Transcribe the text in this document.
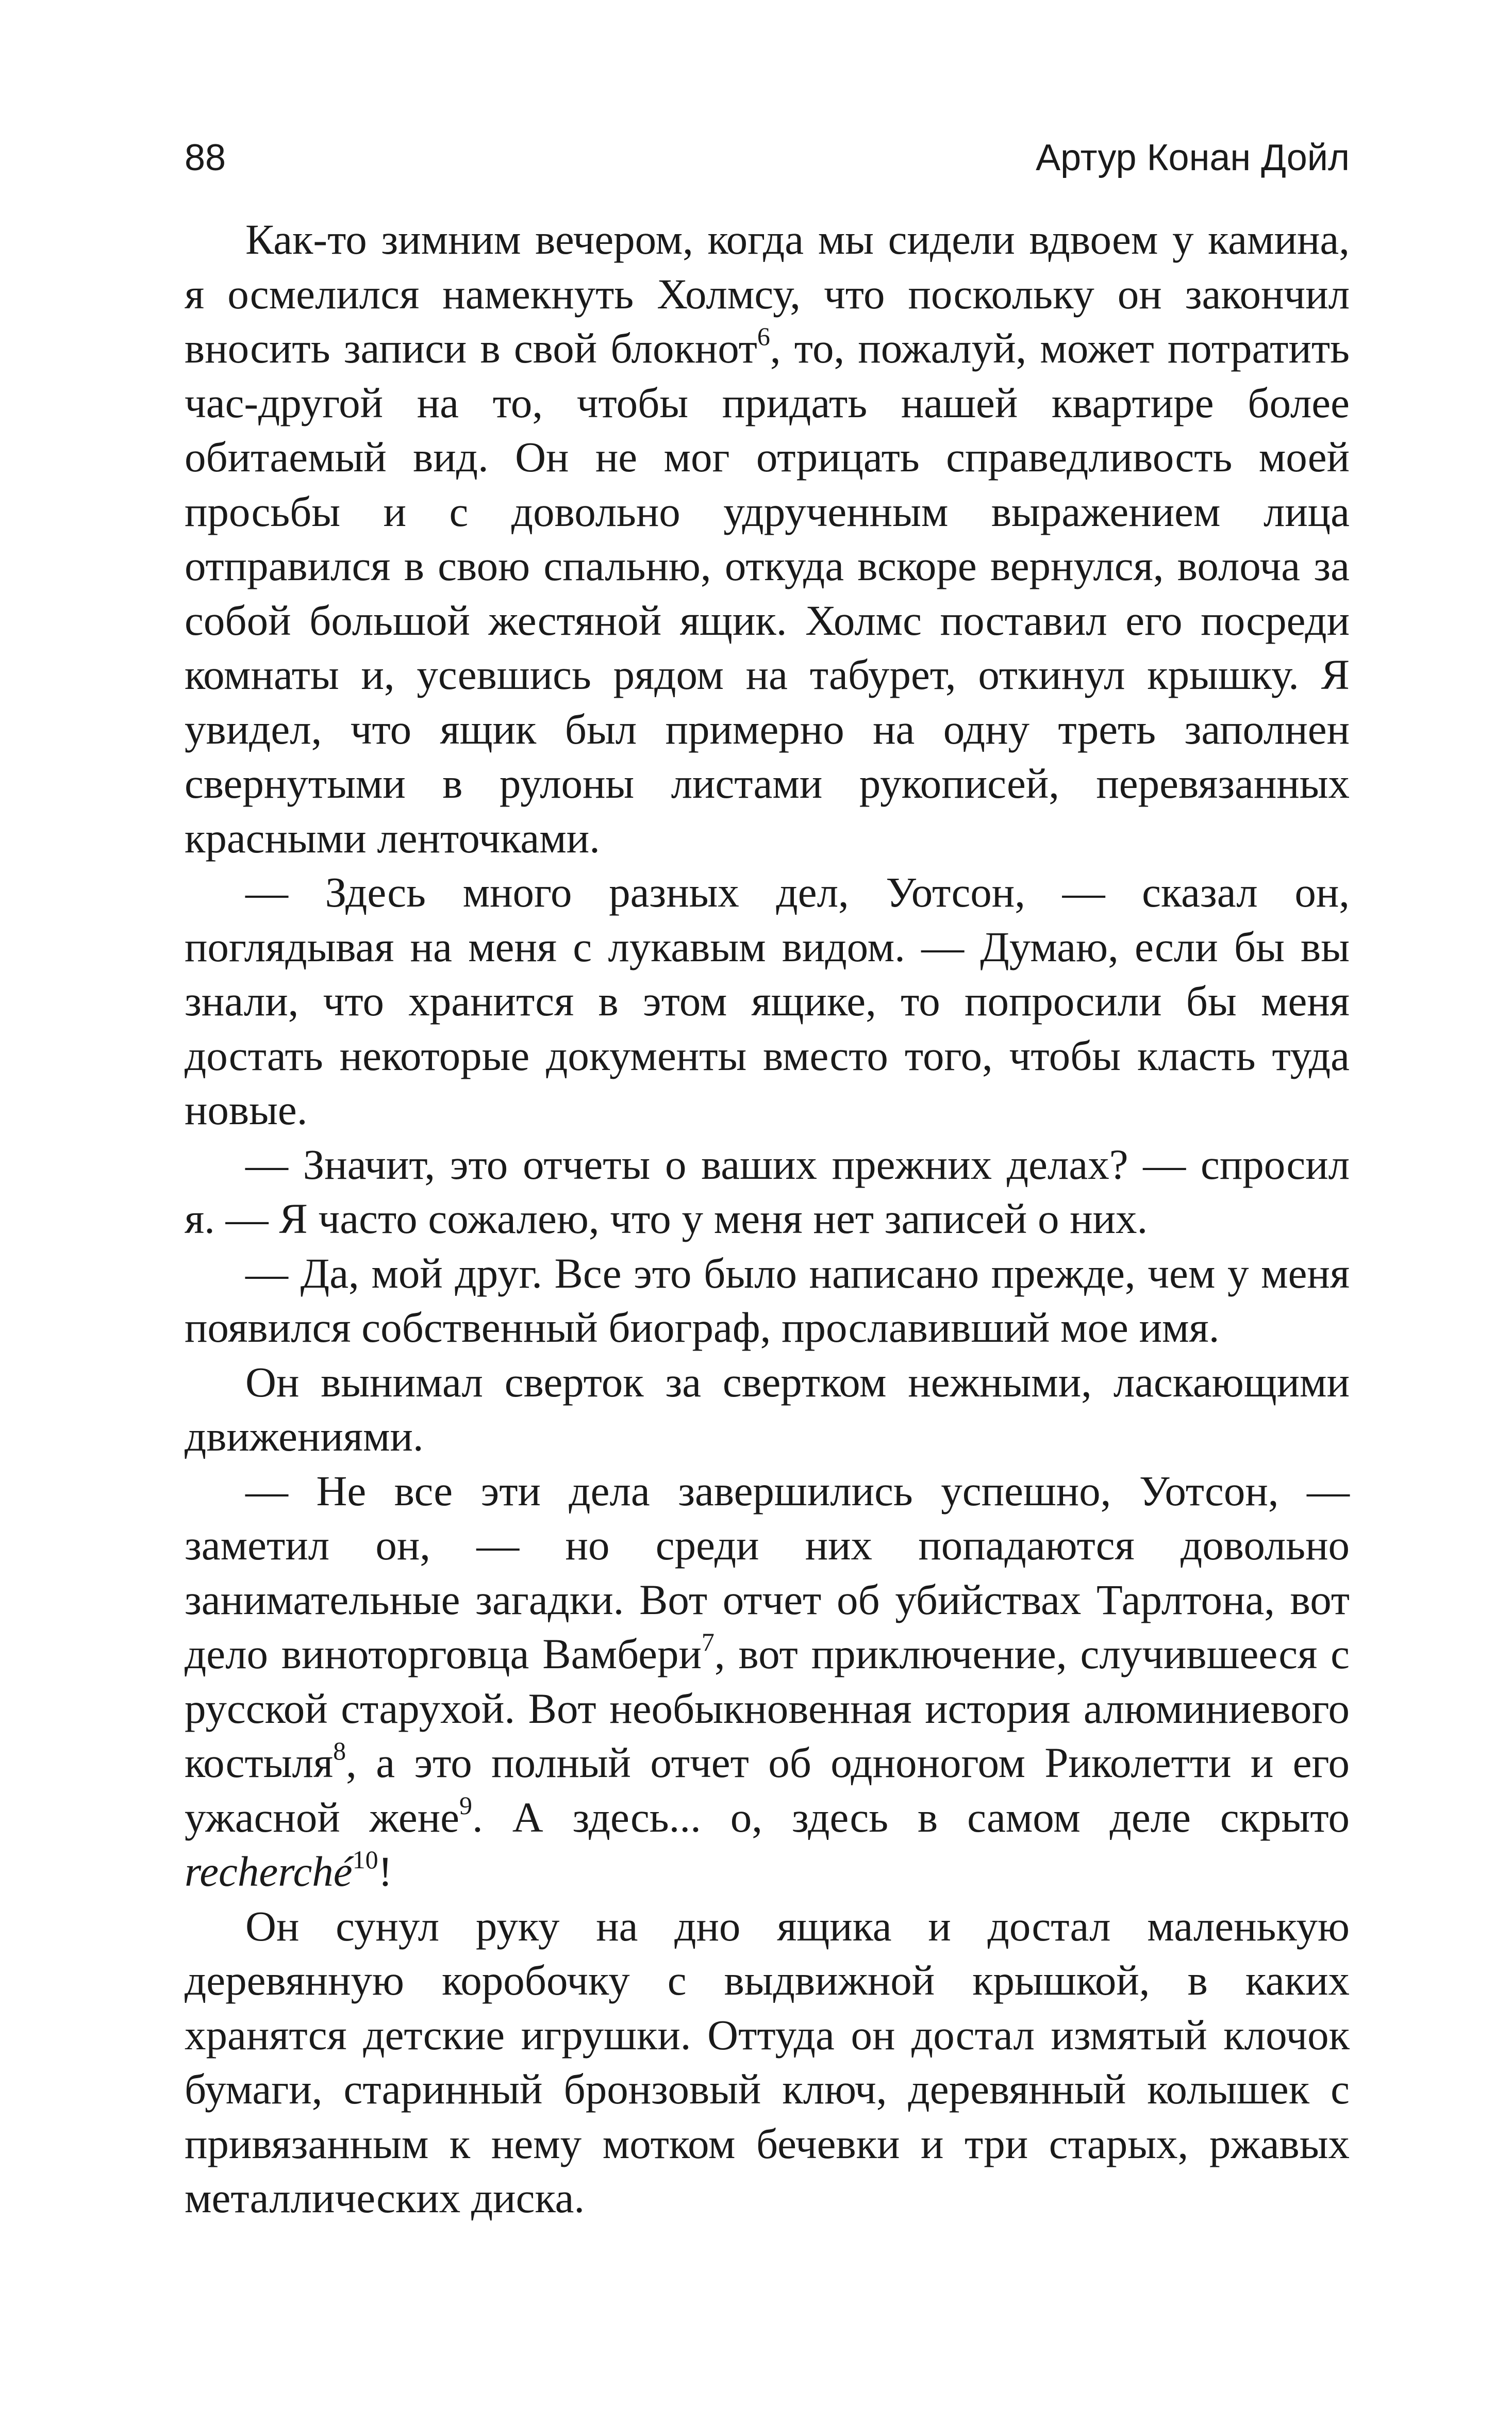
88	Артур Конан Дойл

Как-то зимним вечером, когда мы сидели вдвоем у камина, я осмелился намекнуть Холмсу, что поскольку он закончил вносить записи в свой блокнот$^6$, то, пожалуй, может потратить час-другой на то, чтобы придать нашей квартире более обитаемый вид. Он не мог отрицать справедливость моей просьбы и с довольно удрученным выражением лица отправился в свою спальню, откуда вскоре вернулся, волоча за собой большой жестяной ящик. Холмс поставил его посреди комнаты и, усевшись рядом на табурет, откинул крышку. Я увидел, что ящик был примерно на одну треть заполнен свернутыми в рулоны листами рукописей, перевязанных красными ленточками.

— Здесь много разных дел, Уотсон, — сказал он, поглядывая на меня с лукавым видом. — Думаю, если бы вы знали, что хранится в этом ящике, то попросили бы меня достать некоторые документы вместо того, чтобы класть туда новые.

— Значит, это отчеты о ваших прежних делах? — спросил я. — Я часто сожалею, что у меня нет записей о них.

— Да, мой друг. Все это было написано прежде, чем у меня появился собственный биограф, прославивший мое имя.

Он вынимал сверток за свертком нежными, ласкающими движениями.

— Не все эти дела завершились успешно, Уотсон, — заметил он, — но среди них попадаются довольно занимательные загадки. Вот отчет об убийствах Тарлтона, вот дело виноторговца Вамбери$^7$, вот приключение, случившееся с русской старухой. Вот необыкновенная история алюминиевого костыля$^8$, а это полный отчет об одноногом Риколетти и его ужасной жене$^9$. А здесь... о, здесь в самом деле скрыто recherché$^{10}$!

Он сунул руку на дно ящика и достал маленькую деревянную коробочку с выдвижной крышкой, в каких хранятся детские игрушки. Оттуда он достал измятый клочок бумаги, старинный бронзовый ключ, деревянный колышек с привязанным к нему мотком бечевки и три старых, ржавых металлических диска.
